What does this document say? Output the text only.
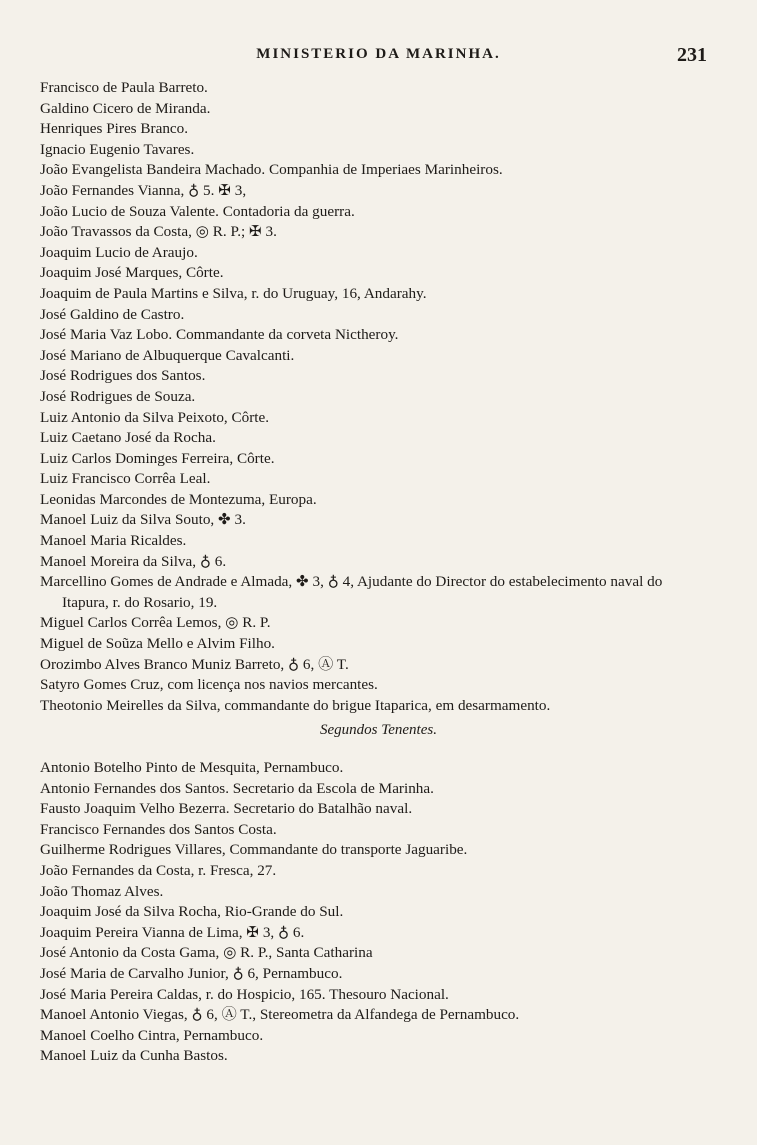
MINISTERIO DA MARINHA.	231
Francisco de Paula Barreto.
Galdino Cicero de Miranda.
Henriques Pires Branco.
Ignacio Eugenio Tavares.
João Evangelista Bandeira Machado. Companhia de Imperiaes Marinheiros.
João Fernandes Vianna, ♁ 5. ✠ 3,
João Lucio de Souza Valente. Contadoria da guerra.
João Travassos da Costa, ◎ R. P.; ✠ 3.
Joaquim Lucio de Araujo.
Joaquim José Marques, Côrte.
Joaquim de Paula Martins e Silva, r. do Uruguay, 16, Andarahy.
José Galdino de Castro.
José Maria Vaz Lobo. Commandante da corveta Nictheroy.
José Mariano de Albuquerque Cavalcanti.
José Rodrigues dos Santos.
José Rodrigues de Souza.
Luiz Antonio da Silva Peixoto, Côrte.
Luiz Caetano José da Rocha.
Luiz Carlos Dominges Ferreira, Côrte.
Luiz Francisco Corrêa Leal.
Leonidas Marcondes de Montezuma, Europa.
Manoel Luiz da Silva Souto, ✤ 3.
Manoel Maria Ricaldes.
Manoel Moreira da Silva, ♁ 6.
Marcellino Gomes de Andrade e Almada, ✤ 3, ♁ 4, Ajudante do Director do estabelecimento naval do Itapura, r. do Rosario, 19.
Miguel Carlos Corrêa Lemos, ◎ R. P.
Miguel de Soũza Mello e Alvim Filho.
Orozimbo Alves Branco Muniz Barreto, ♁ 6, Ⓐ T.
Satyro Gomes Cruz, com licença nos navios mercantes.
Theotonio Meirelles da Silva, commandante do brigue Itaparica, em desarmamento.
Segundos Tenentes.
Antonio Botelho Pinto de Mesquita, Pernambuco.
Antonio Fernandes dos Santos. Secretario da Escola de Marinha.
Fausto Joaquim Velho Bezerra. Secretario do Batalhão naval.
Francisco Fernandes dos Santos Costa.
Guilherme Rodrigues Villares, Commandante do transporte Jaguaribe.
João Fernandes da Costa, r. Fresca, 27.
João Thomaz Alves.
Joaquim José da Silva Rocha, Rio-Grande do Sul.
Joaquim Pereira Vianna de Lima, ✠ 3, ♁ 6.
José Antonio da Costa Gama, ◎ R. P., Santa Catharina
José Maria de Carvalho Junior, ♁ 6, Pernambuco.
José Maria Pereira Caldas, r. do Hospicio, 165. Thesouro Nacional.
Manoel Antonio Viegas, ♁ 6, Ⓐ T., Stereometra da Alfandega de Pernambuco.
Manoel Coelho Cintra, Pernambuco.
Manoel Luiz da Cunha Bastos.
